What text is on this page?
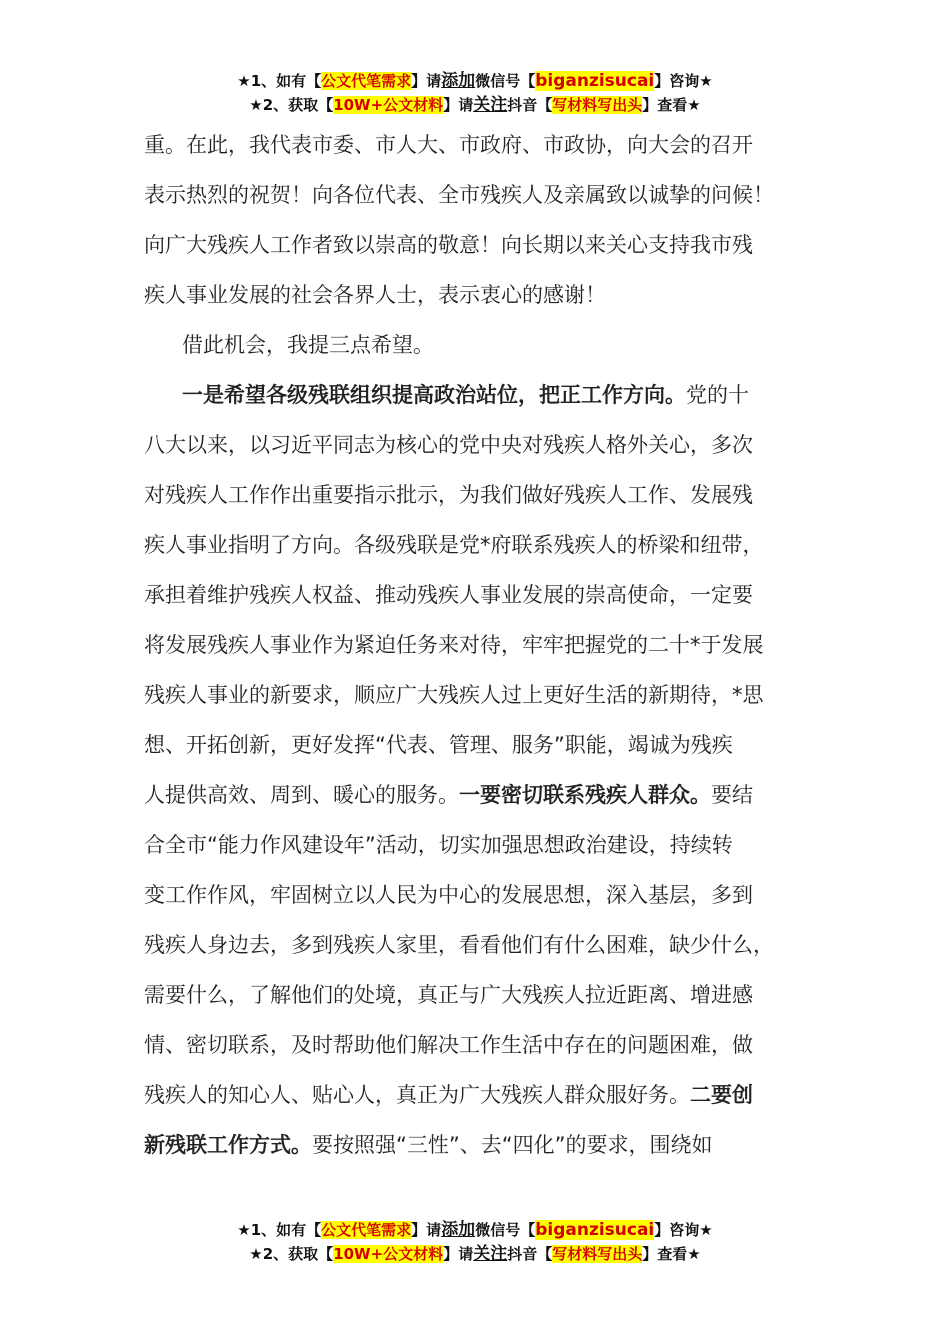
★1、如有【公文代笔需求】请添加微信号【biganzisucai】咨询★
★2、获取【10W+公文材料】请关注抖音【写材料写出头】查看★
重。在此，我代表市委、市人大、市政府、市政协，向大会的召开
表示热烈的祝贺！向各位代表、全市残疾人及亲属致以诚挚的问候！
向广大残疾人工作者致以崇高的敬意！向长期以来关心支持我市残
疾人事业发展的社会各界人士，表示衷心的感谢！
借此机会，我提三点希望。
一是希望各级残联组织提高政治站位，把正工作方向。党的十
八大以来，以习近平同志为核心的党中央对残疾人格外关心，多次
对残疾人工作作出重要指示批示，为我们做好残疾人工作、发展残
疾人事业指明了方向。各级残联是党*府联系残疾人的桥梁和纽带，
承担着维护残疾人权益、推动残疾人事业发展的崇高使命，一定要
将发展残疾人事业作为紧迫任务来对待，牢牢把握党的二十*于发展
残疾人事业的新要求，顺应广大残疾人过上更好生活的新期待，*思
想、开拓创新，更好发挥“代表、管理、服务”职能，竭诚为残疾
人提供高效、周到、暖心的服务。一要密切联系残疾人群众。要结
合全市“能力作风建设年”活动，切实加强思想政治建设，持续转
变工作作风，牢固树立以人民为中心的发展思想，深入基层，多到
残疾人身边去，多到残疾人家里，看看他们有什么困难，缺少什么，
需要什么，了解他们的处境，真正与广大残疾人拉近距离、增进感
情、密切联系，及时帮助他们解决工作生活中存在的问题困难，做
残疾人的知心人、贴心人，真正为广大残疾人群众服好务。二要创
新残联工作方式。要按照强“三性”、去“四化”的要求，围绕如
★1、如有【公文代笔需求】请添加微信号【biganzisucai】咨询★
★2、获取【10W+公文材料】请关注抖音【写材料写出头】查看★
